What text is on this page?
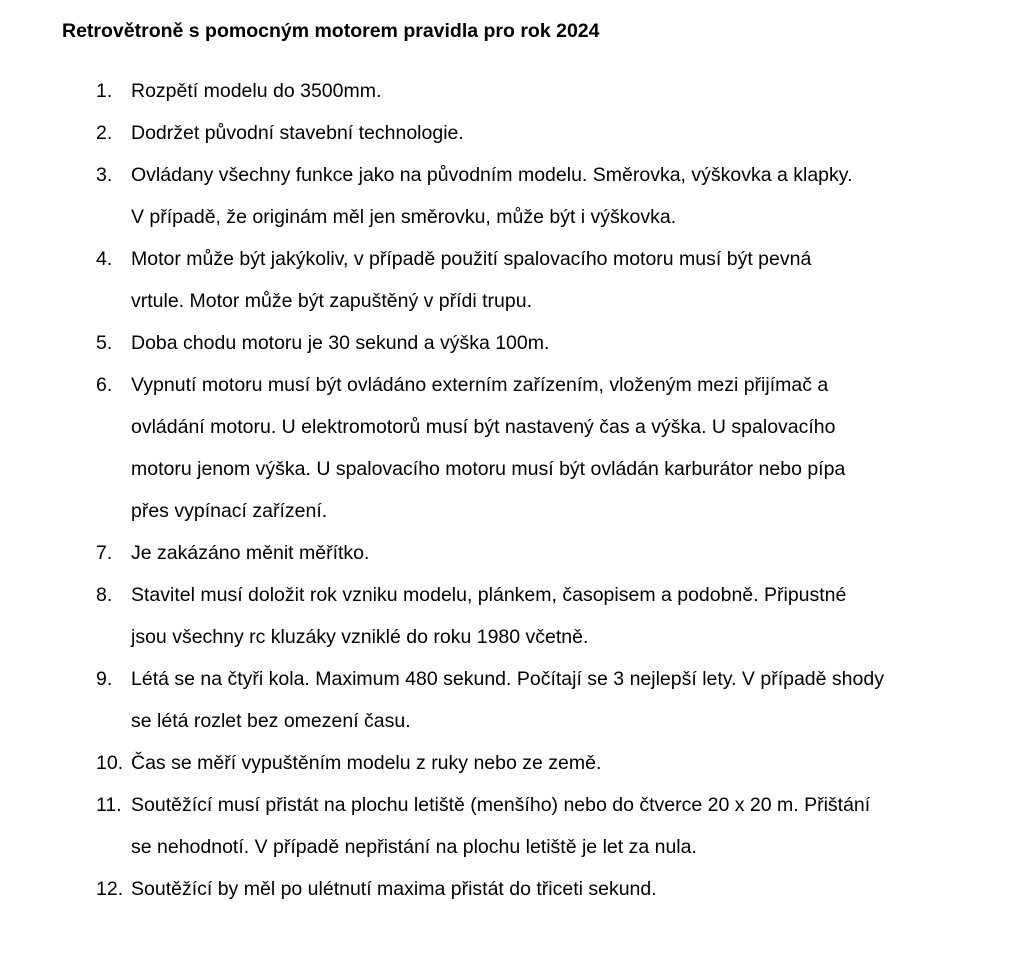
Retrovětroně s pomocným motorem pravidla pro rok 2024
1. Rozpětí modelu do 3500mm.
2. Dodržet původní stavební technologie.
3. Ovládany všechny funkce jako na původním modelu. Směrovka, výškovka a klapky.
V případě, že originám měl jen směrovku, může být i výškovka.
4. Motor může být jakýkoliv, v případě použití spalovacího motoru musí být pevná
vrtule. Motor může být zapuštěný v přídi trupu.
5. Doba chodu motoru je 30 sekund a výška 100m.
6. Vypnutí motoru musí být ovládáno externím zařízením, vloženým mezi přijímač a
ovládání motoru. U elektromotorů musí být nastavený čas a výška. U spalovacího
motoru jenom výška. U spalovacího motoru musí být ovládán karburátor nebo pípa
přes vypínací zařízení.
7. Je zakázáno měnit měřítko.
8. Stavitel musí doložit rok vzniku modelu, plánkem, časopisem a podobně. Připustné
jsou všechny rc kluzáky vzniklé do roku 1980 včetně.
9. Létá se na čtyři kola. Maximum 480 sekund. Počítají se 3 nejlepší lety. V případě shody
se létá rozlet bez omezení času.
10. Čas se měří vypuštěním modelu z ruky nebo ze země.
11. Soutěžící musí přistát na plochu letiště (menšího) nebo do čtverce 20 x 20 m. Přištání
se nehodnotí. V případě nepřistání na plochu letiště je let za nula.
12. Soutěžící by měl po ulétnutí maxima přistát do třiceti sekund.
